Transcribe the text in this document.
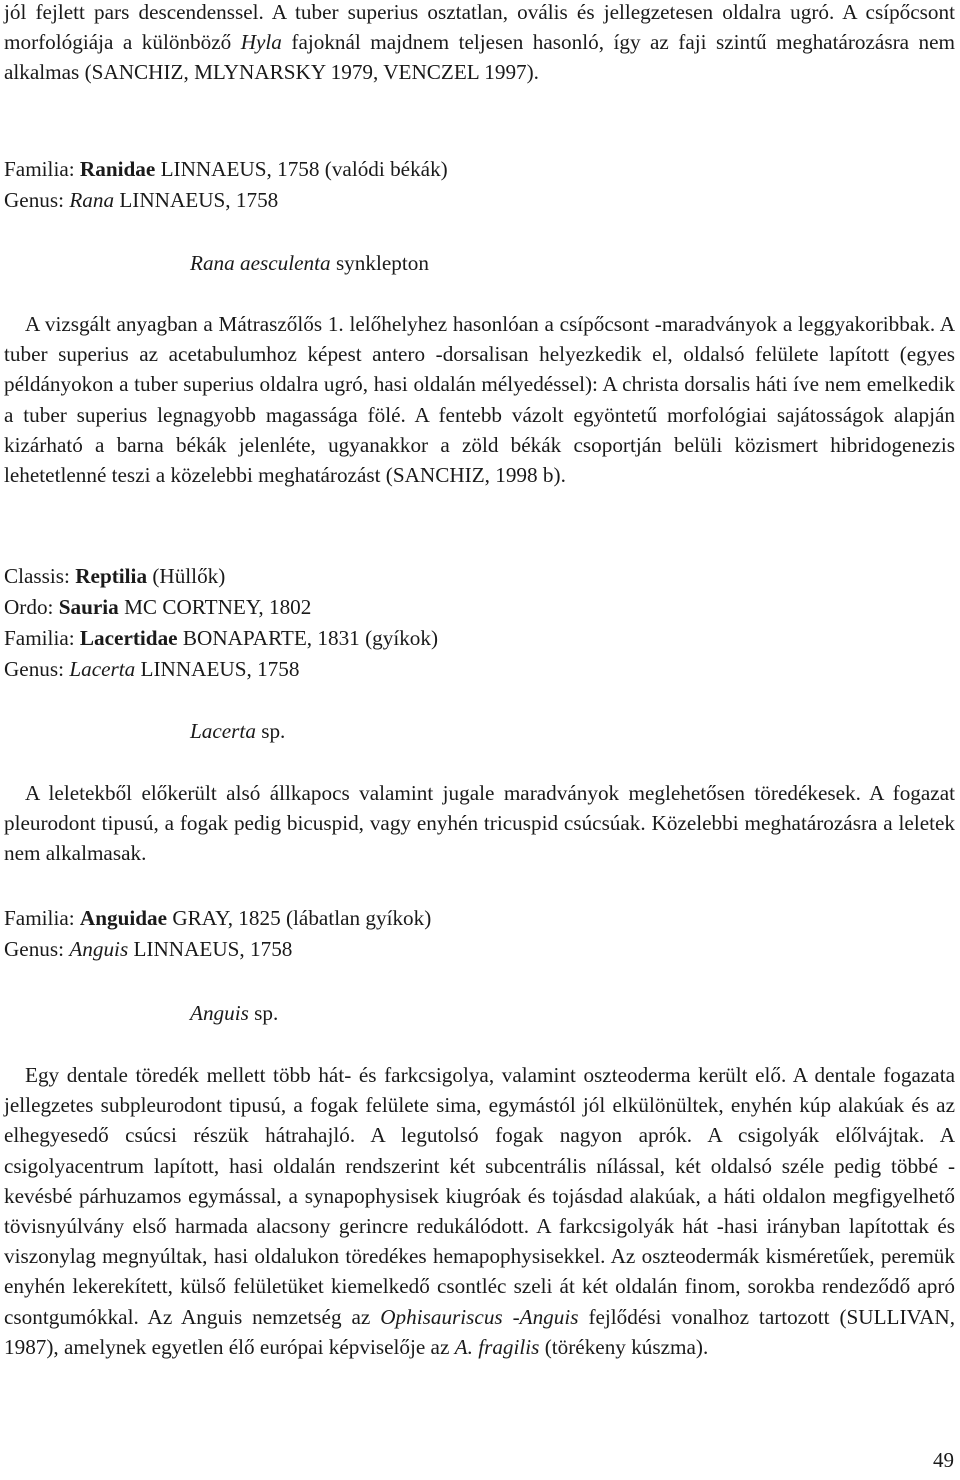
jól fejlett pars descendenssel. A tuber superius osztatlan, ovális és jellegzetesen oldalra ugró. A csípőcsont morfológiája a különböző Hyla fajoknál majdnem teljesen hasonló, így az faji szintű meghatározásra nem alkalmas (SANCHIZ, MLYNARSKY 1979, VENCZEL 1997).

Familia: Ranidae LINNAEUS, 1758 (valódi békák)
Genus: Rana LINNAEUS, 1758
Rana aesculenta synklepton

A vizsgált anyagban a Mátraszőlős 1. lelőhelyhez hasonlóan a csípőcsont -maradványok a leggyakoribbak. A tuber superius az acetabulumhoz képest antero -dorsalisan helyezkedik el, oldalsó felülete lapított (egyes példányokon a tuber superius oldalra ugró, hasi oldalán mélyedéssel): A christa dorsalis háti íve nem emelkedik a tuber superius legnagyobb magassága fölé. A fentebb vázolt egyöntetű morfológiai sajátosságok alapján kizárható a barna békák jelenléte, ugyanakkor a zöld békák csoportján belüli közismert hibridogenezis lehetetlenné teszi a közelebbi meghatározást (SANCHIZ, 1998 b).

Classis: Reptilia (Hüllők)
Ordo: Sauria MC CORTNEY, 1802
Familia: Lacertidae BONAPARTE, 1831 (gyíkok)
Genus: Lacerta LINNAEUS, 1758
Lacerta sp.

A leletekből előkerült alsó állkapocs valamint jugale maradványok meglehetősen töredékesek. A fogazat pleurodont tipusú, a fogak pedig bicuspid, vagy enyhén tricuspid csúcsúak. Közelebbi meghatározásra a leletek nem alkalmasak.

Familia: Anguidae GRAY, 1825 (lábatlan gyíkok)
Genus: Anguis LINNAEUS, 1758
Anguis sp.

Egy dentale töredék mellett több hát- és farkcsigolya, valamint oszteoderma került elő. A dentale fogazata jellegzetes subpleurodont tipusú, a fogak felülete sima, egymástól jól elkülönültek, enyhén kúp alakúak és az elhegyesedő csúcsi részük hátrahajló. A legutolsó fogak nagyon aprók. A csigolyák előlvájtak. A csigolyacentrum lapított, hasi oldalán rendszerint két subcentrális nílással, két oldalsó széle pedig többé -kevésbé párhuzamos egymással, a synapophysisek kiugróak és tojásdad alakúak, a háti oldalon megfigyelhető tövisnyúlvány első harmada alacsony gerincre redukálódott. A farkcsigolyák hát -hasi irányban lapítottak és viszonylag megnyúltak, hasi oldalukon töredékes hemapophysisekkel. Az oszteodermák kisméretűek, peremük enyhén lekerekített, külső felületüket kiemelkedő csontléc szeli át két oldalán finom, sorokba rendeződő apró csontgumókkal. Az Anguis nemzetség az Ophisauriscus -Anguis fejlődési vonalhoz tartozott (SULLIVAN, 1987), amelynek egyetlen élő európai képviselője az A. fragilis (törékeny kúszma).

49
